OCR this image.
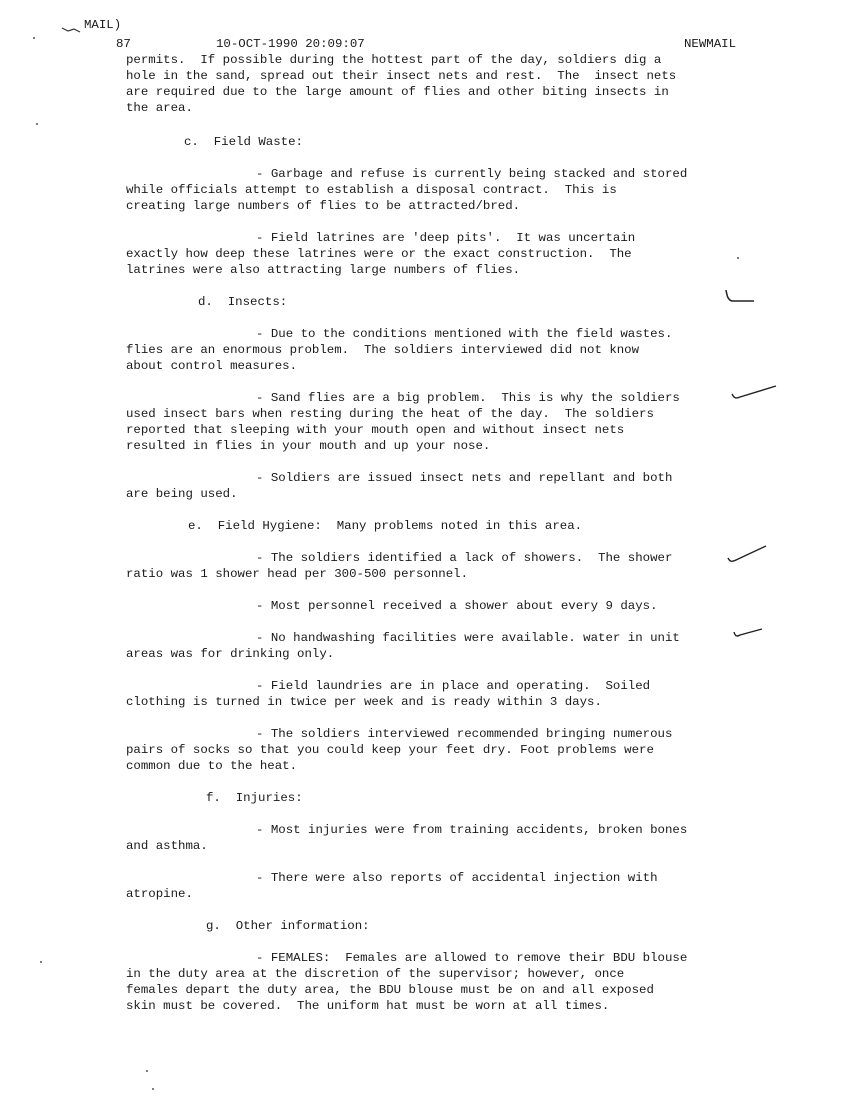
MAIL)
87	10-OCT-1990 20:09:07	NEWMAIL
permits.  If possible during the hottest part of the day, soldiers dig a
hole in the sand, spread out their insect nets and rest.  The  insect nets
are required due to the large amount of flies and other biting insects in
the area.
c.  Field Waste:
- Garbage and refuse is currently being stacked and stored
while officials attempt to establish a disposal contract.  This is
creating large numbers of flies to be attracted/bred.
- Field latrines are 'deep pits'.  It was uncertain
exactly how deep these latrines were or the exact construction.  The
latrines were also attracting large numbers of flies.
d.  Insects:
- Due to the conditions mentioned with the field wastes.
flies are an enormous problem.  The soldiers interviewed did not know
about control measures.
- Sand flies are a big problem.  This is why the soldiers
used insect bars when resting during the heat of the day.  The soldiers
reported that sleeping with your mouth open and without insect nets
resulted in flies in your mouth and up your nose.
- Soldiers are issued insect nets and repellant and both
are being used.
e.  Field Hygiene:  Many problems noted in this area.
- The soldiers identified a lack of showers.  The shower
ratio was 1 shower head per 300-500 personnel.
- Most personnel received a shower about every 9 days.
- No handwashing facilities were available. water in unit
areas was for drinking only.
- Field laundries are in place and operating.  Soiled
clothing is turned in twice per week and is ready within 3 days.
- The soldiers interviewed recommended bringing numerous
pairs of socks so that you could keep your feet dry. Foot problems were
common due to the heat.
f.  Injuries:
- Most injuries were from training accidents, broken bones
and asthma.
- There were also reports of accidental injection with
atropine.
g.  Other information:
- FEMALES:  Females are allowed to remove their BDU blouse
in the duty area at the discretion of the supervisor; however, once
females depart the duty area, the BDU blouse must be on and all exposed
skin must be covered.  The uniform hat must be worn at all times.
